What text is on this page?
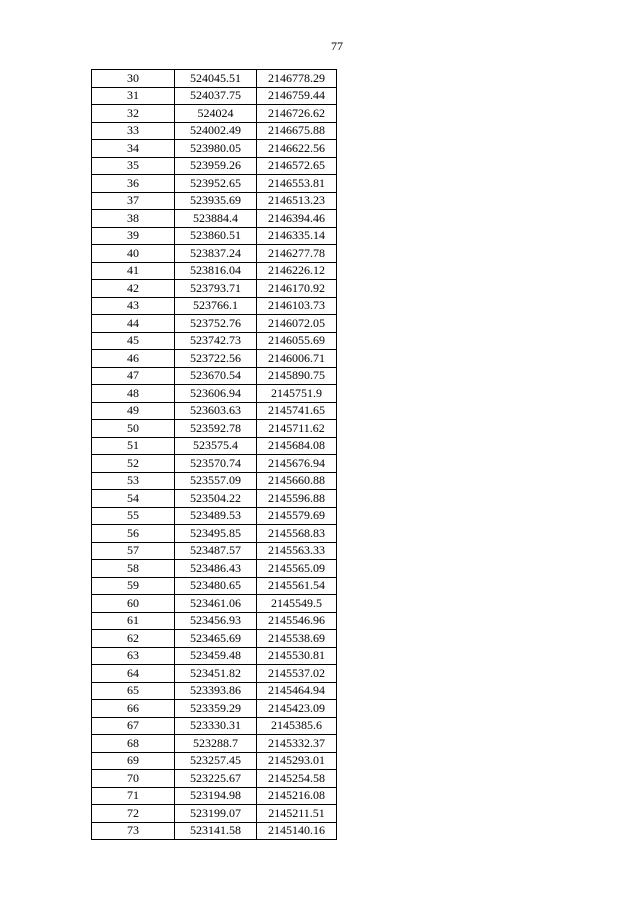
77
30	524045.51	2146778.29
31	524037.75	2146759.44
32	524024	2146726.62
33	524002.49	2146675.88
34	523980.05	2146622.56
35	523959.26	2146572.65
36	523952.65	2146553.81
37	523935.69	2146513.23
38	523884.4	2146394.46
39	523860.51	2146335.14
40	523837.24	2146277.78
41	523816.04	2146226.12
42	523793.71	2146170.92
43	523766.1	2146103.73
44	523752.76	2146072.05
45	523742.73	2146055.69
46	523722.56	2146006.71
47	523670.54	2145890.75
48	523606.94	2145751.9
49	523603.63	2145741.65
50	523592.78	2145711.62
51	523575.4	2145684.08
52	523570.74	2145676.94
53	523557.09	2145660.88
54	523504.22	2145596.88
55	523489.53	2145579.69
56	523495.85	2145568.83
57	523487.57	2145563.33
58	523486.43	2145565.09
59	523480.65	2145561.54
60	523461.06	2145549.5
61	523456.93	2145546.96
62	523465.69	2145538.69
63	523459.48	2145530.81
64	523451.82	2145537.02
65	523393.86	2145464.94
66	523359.29	2145423.09
67	523330.31	2145385.6
68	523288.7	2145332.37
69	523257.45	2145293.01
70	523225.67	2145254.58
71	523194.98	2145216.08
72	523199.07	2145211.51
73	523141.58	2145140.16
